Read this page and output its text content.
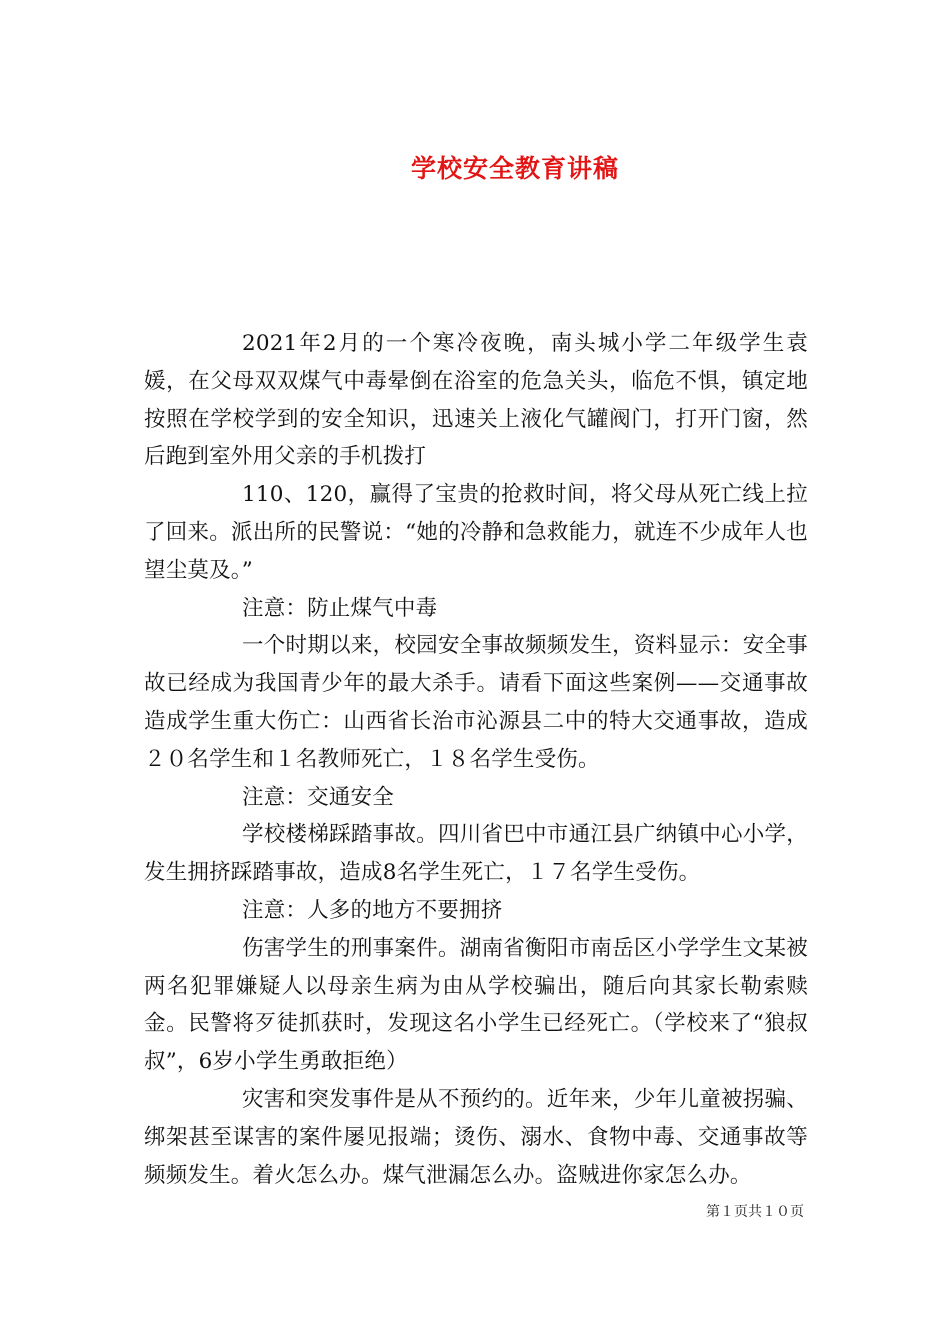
学校安全教育讲稿

2021年2月的一个寒冷夜晚，南头城小学二年级学生袁媛，在父母双双煤气中毒晕倒在浴室的危急关头，临危不惧，镇定地按照在学校学到的安全知识，迅速关上液化气罐阀门，打开门窗，然后跑到室外用父亲的手机拨打

110、120，赢得了宝贵的抢救时间，将父母从死亡线上拉了回来。派出所的民警说：“她的冷静和急救能力，就连不少成年人也望尘莫及。”

注意：防止煤气中毒

一个时期以来，校园安全事故频频发生，资料显示：安全事故已经成为我国青少年的最大杀手。请看下面这些案例——交通事故造成学生重大伤亡：山西省长治市沁源县二中的特大交通事故，造成２０名学生和１名教师死亡，１８名学生受伤。

注意：交通安全

学校楼梯踩踏事故。四川省巴中市通江县广纳镇中心小学，发生拥挤踩踏事故，造成8名学生死亡，１７名学生受伤。

注意：人多的地方不要拥挤

伤害学生的刑事案件。湖南省衡阳市南岳区小学学生文某被两名犯罪嫌疑人以母亲生病为由从学校骗出，随后向其家长勒索赎金。民警将歹徒抓获时，发现这名小学生已经死亡。（学校来了“狼叔叔”，6岁小学生勇敢拒绝）

灾害和突发事件是从不预约的。近年来，少年儿童被拐骗、绑架甚至谋害的案件屡见报端；烫伤、溺水、食物中毒、交通事故等频频发生。着火怎么办。煤气泄漏怎么办。盗贼进你家怎么办。

第１页共１０页
